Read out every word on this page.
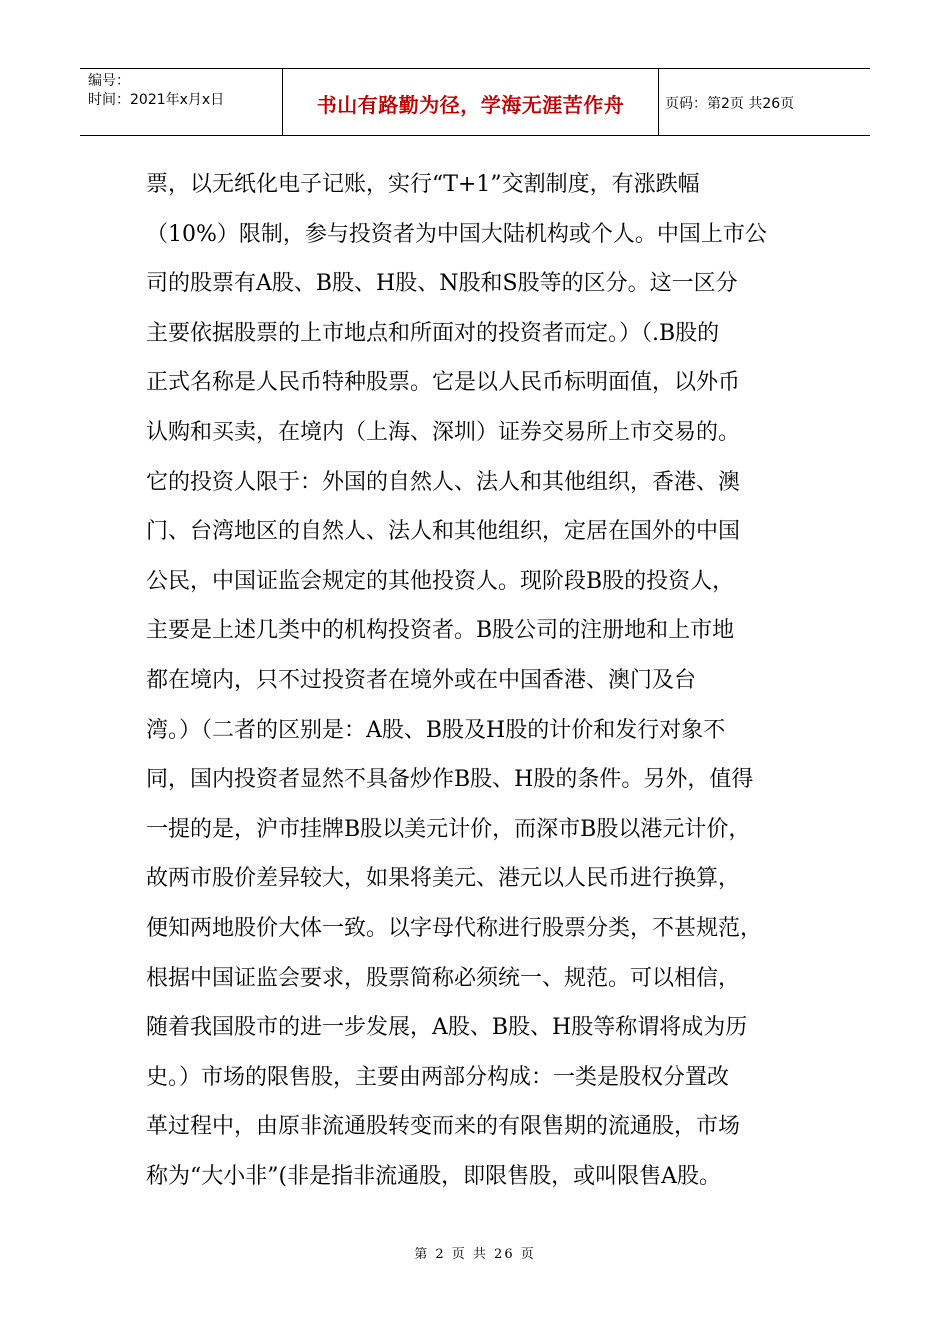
编号：
时间：2021年x月x日	书山有路勤为径，学海无涯苦作舟	页码：第2页 共26页
票，以无纸化电子记账，实行“T+1”交割制度，有涨跌幅
（10%）限制，参与投资者为中国大陆机构或个人。中国上市公
司的股票有A股、B股、H股、N股和S股等的区分。这一区分
主要依据股票的上市地点和所面对的投资者而定。）（.B股的
正式名称是人民币特种股票。它是以人民币标明面值，以外币
认购和买卖，在境内（上海、深圳）证券交易所上市交易的。
它的投资人限于：外国的自然人、法人和其他组织，香港、澳
门、台湾地区的自然人、法人和其他组织，定居在国外的中国
公民，中国证监会规定的其他投资人。现阶段B股的投资人，
主要是上述几类中的机构投资者。B股公司的注册地和上市地
都在境内，只不过投资者在境外或在中国香港、澳门及台
湾。）（二者的区别是：A股、B股及H股的计价和发行对象不
同，国内投资者显然不具备炒作B股、H股的条件。另外，值得
一提的是，沪市挂牌B股以美元计价，而深市B股以港元计价，
故两市股价差异较大，如果将美元、港元以人民币进行换算，
便知两地股价大体一致。以字母代称进行股票分类，不甚规范，
根据中国证监会要求，股票简称必须统一、规范。可以相信，
随着我国股市的进一步发展，A股、B股、H股等称谓将成为历
史。）市场的限售股，主要由两部分构成：一类是股权分置改
革过程中，由原非流通股转变而来的有限售期的流通股，市场
称为“大小非”(非是指非流通股，即限售股，或叫限售A股。
第 2 页 共 26 页
